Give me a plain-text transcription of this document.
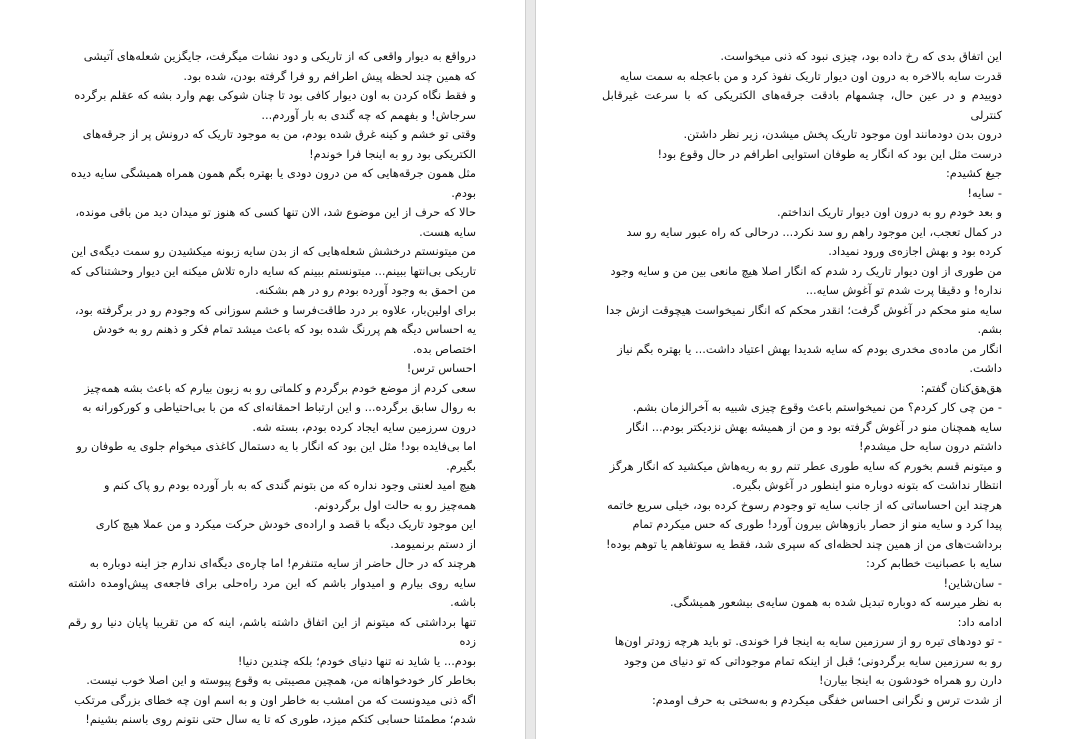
درواقع به دیوار واقعی که از تاریکی و دود نشات میگرفت، جایگزین شعله‌های آتیشی

که همین چند لحظه پیش اطرافم رو فرا گرفته بودن، شده بود.

و فقط نگاه کردن به اون دیوار کافی بود تا چنان شوکی بهم وارد بشه که عقلم برگرده

سرجاش! و بفهمم که چه گندی به بار آوردم...

وقتی تو خشم و کینه غرق شده بودم، من به موجود تاریک که درونش پر از جرقه‌های

الکتریکی بود رو به اینجا فرا خوندم!

مثل همون جرقه‌هایی که من درون دودی یا بهتره بگم همون همراه همیشگی سایه دیده

بودم.

حالا که حرف از این موضوع شد، الان تنها کسی که هنوز تو میدان دید من باقی مونده،

سایه هست.

من میتونستم درخشش شعله‌هایی که از بدن سایه زبونه میکشیدن رو سمت دیگه‌ی این

تاریکی بی‌انتها ببینم... میتونستم ببینم که سایه داره تلاش میکنه این دیوار وحشتناکی که

من احمق به وجود آورده بودم رو در هم بشکنه.

برای اولین‌بار، علاوه بر درد طاقت‌فرسا و خشم سوزانی که وجودم رو در برگرفته بود،

یه احساس دیگه هم پررنگ شده بود که باعث میشد تمام فکر و ذهنم رو به خودش

اختصاص بده.

احساس ترس!

سعی کردم از موضع خودم برگردم و کلماتی رو به زبون بیارم که باعث بشه همه‌چیز

به روال سابق برگرده... و این ارتباط احمقانه‌ای که من با بی‌احتیاطی و کورکورانه به

درون سرزمین سایه ایجاد کرده بودم، بسته شه.

اما بی‌فایده بود! مثل این بود که انگار با یه دستمال کاغذی میخوام جلوی یه طوفان رو

بگیرم.

هیچ امید لعنتی وجود نداره که من بتونم گندی که به بار آورده بودم رو پاک کنم و

همه‌چیز رو به حالت اول برگردونم.

این موجود تاریک دیگه با قصد و اراده‌ی خودش حرکت میکرد و من عملا هیچ کاری

از دستم برنمیومد.

هرچند که در حال حاضر از سایه متنفرم! اما چاره‌ی دیگه‌ای ندارم جز اینه دوباره به

سایه روی بیارم و امیدوار باشم که این مرد راه‌حلی برای فاجعه‌ی پیش‌اومده داشته باشه.

تنها برداشتی که میتونم از این اتفاق داشته باشم، اینه که من تقریبا پایان دنیا رو رقم زده

بودم... یا شاید نه تنها دنیای خودم؛ بلکه چندین دنیا!

بخاطر کار خودخواهانه من، همچین مصیبتی به وقوع پیوسته و این اصلا خوب نیست.

اگه ذنی میدونست که من امشب به خاطر اون و به اسم اون چه خطای بزرگی مرتکب

شدم؛ مطمئنا حسابی کتکم میزد، طوری که تا یه سال حتی نتونم روی باسنم بشینم!

این اتفاق بدی که رخ داده بود، چیزی نبود که ذنی میخواست.

قدرت سایه بالاخره به درون اون دیوار تاریک نفوذ کرد و من باعجله به سمت سایه

دوییدم و در عین حال، چشمهام بادقت جرقه‌های الکتریکی که با سرعت غیرقابل کنترلی

درون بدن دودمانند اون موجود تاریک پخش میشدن، زیر نظر داشتن.

درست مثل این بود که انگار یه طوفان استوایی اطرافم در حال وقوع بود!

جیغ کشیدم:

- سایه!

و بعد خودم رو به درون اون دیوار تاریک انداختم.

در کمال تعجب، این موجود راهم رو سد نکرد... درحالی که راه عبور سایه رو سد

کرده بود و بهش اجازه‌ی ورود نمیداد.

من طوری از اون دیوار تاریک رد شدم که انگار اصلا هیچ مانعی بین من و سایه وجود

نداره! و دقیقا پرت شدم تو آغوش سایه...

سایه منو محکم در آغوش گرفت؛ انقدر محکم که انگار نمیخواست هیچوقت ازش جدا

بشم.

انگار من ماده‌ی مخدری بودم که سایه شدیدا بهش اعتیاد داشت... یا بهتره بگم نیاز

داشت.

هق‌هق‌کنان گفتم:

- من چی کار کردم؟ من نمیخواستم باعث وقوع چیزی شبیه به آخرالزمان بشم.

سایه همچنان منو در آغوش گرفته بود و من از همیشه بهش نزدیکتر بودم... انگار

داشتم درون سایه حل میشدم!

و میتونم قسم بخورم که سایه طوری عطر تنم رو به ریه‌هاش میکشید که انگار هرگز

انتظار نداشت که بتونه دوباره منو اینطور در آغوش بگیره.

هرچند این احساساتی که از جانب سایه تو وجودم رسوخ کرده بود، خیلی سریع خاتمه

پیدا کرد و سایه منو از حصار بازوهاش بیرون آورد! طوری که حس میکردم تمام

برداشت‌های من از همین چند لحظه‌ای که سپری شد، فقط یه سوتفاهم یا توهم بوده!

سایه با عصبانیت خطابم کرد:

- سان‌شاین!

به نظر میرسه که دوباره تبدیل شده به همون سایه‌ی بیشعور همیشگی.

ادامه داد:

- تو دودهای تیره رو از سرزمین سایه به اینجا فرا خوندی. تو باید هرچه زودتر اون‌ها

رو به سرزمین سایه برگردونی؛ قبل از اینکه تمام موجوداتی که تو دنیای من وجود

دارن رو همراه خودشون به اینجا بیارن!

از شدت ترس و نگرانی احساس خفگی میکردم و به‌سختی به حرف اومدم:
